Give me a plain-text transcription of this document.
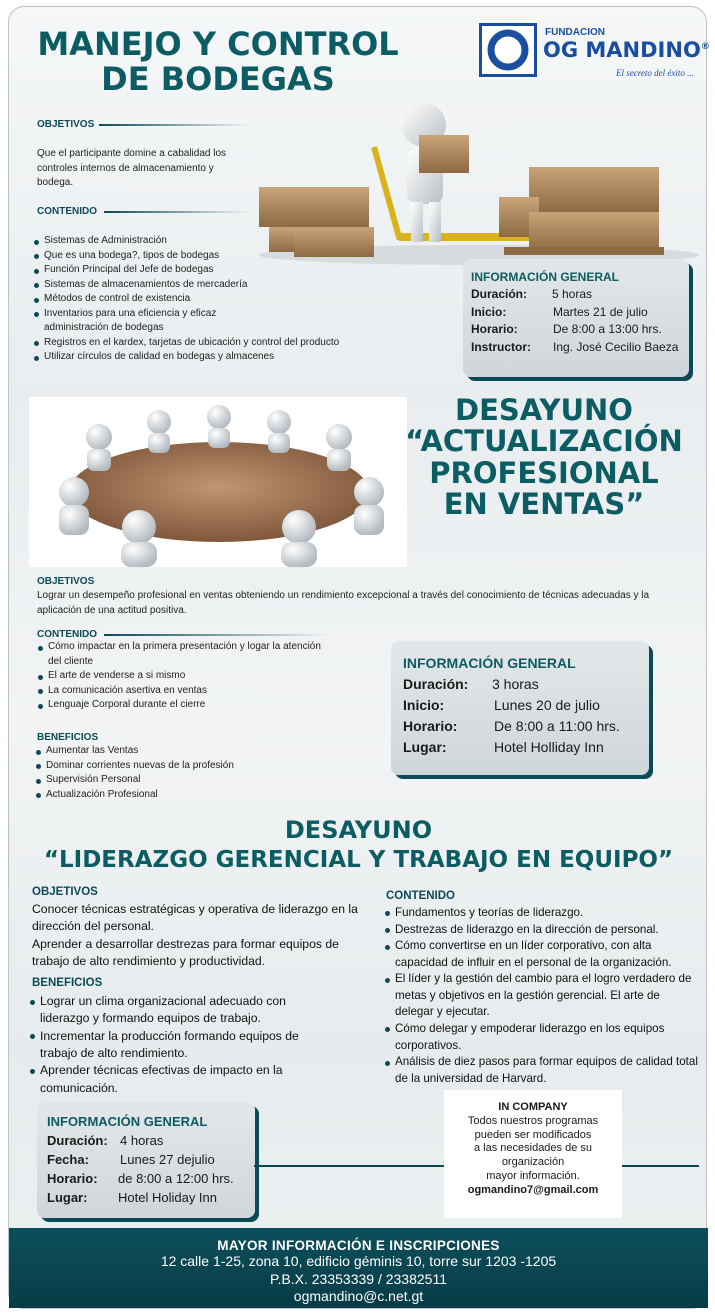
MANEJO Y CONTROL
DE BODEGAS
FUNDACION
OG MANDINO®
El secreto del éxito ...
OBJETIVOS
Que el participante domine a cabalidad los controles internos de almacenamiento y bodega.
CONTENIDO
Sistemas de Administración
Que es una bodega?, tipos de bodegas
Función Principal del Jefe de bodegas
Sistemas de almacenamientos de mercadería
Métodos de control de existencia
Inventarios para una eficiencia y eficaz administración de bodegas
Registros en el kardex, tarjetas de ubicación y control del producto
Utilizar círculos de calidad en bodegas y almacenes
INFORMACIÓN GENERAL
Duración:	5 horas
Inicio:	Martes 21 de julio
Horario:	De 8:00 a 13:00 hrs.
Instructor:	Ing. José Cecilio Baeza
DESAYUNO
“ACTUALIZACIÓN
PROFESIONAL
EN VENTAS”
OBJETIVOS
Lograr un desempeño profesional en ventas obteniendo un rendimiento excepcional a través del conocimiento de técnicas adecuadas y la aplicación de una actitud positiva.
CONTENIDO
Cómo impactar en la primera presentación y logar la atención del cliente
El arte de venderse a si mismo
La comunicación asertiva en ventas
Lenguaje Corporal durante el cierre
BENEFICIOS
Aumentar las Ventas
Dominar corrientes nuevas de la profesión
Supervisión Personal
Actualización Profesional
INFORMACIÓN GENERAL
Duración:	3 horas
Inicio:	Lunes 20 de julio
Horario:	De 8:00 a 11:00 hrs.
Lugar:	Hotel Holliday Inn
DESAYUNO
“LIDERAZGO GERENCIAL Y TRABAJO EN EQUIPO”
OBJETIVOS
Conocer técnicas estratégicas y operativa de liderazgo en la dirección del personal.
Aprender a desarrollar destrezas para formar equipos de trabajo de alto rendimiento y productividad.
BENEFICIOS
Lograr un clima organizacional adecuado con liderazgo y formando equipos de trabajo.
Incrementar la producción formando equipos de trabajo de alto rendimiento.
Aprender técnicas efectivas de impacto en la comunicación.
CONTENIDO
Fundamentos y teorías de liderazgo.
Destrezas de liderazgo en la dirección de personal.
Cómo convertirse en un líder corporativo, con alta capacidad de influir en el personal de la organización.
El líder y la gestión del cambio para el logro verdadero de metas y objetivos en la gestión gerencial. El arte de delegar y ejecutar.
Cómo delegar y empoderar liderazgo en los equipos corporativos.
Análisis de diez pasos para formar equipos de calidad total de la universidad de Harvard.
INFORMACIÓN GENERAL
Duración: 4 horas
Fecha:	Lunes 27 dejulio
Horario:	de 8:00 a 12:00 hrs.
Lugar:	Hotel Holiday Inn
IN COMPANY
Todos nuestros programas
pueden ser modificados
a las necesidades de su
organización
mayor información.
ogmandino7@gmail.com
MAYOR INFORMACIÓN E INSCRIPCIONES
12 calle 1-25, zona 10, edificio géminis 10, torre sur 1203 -1205
P.B.X. 23353339 / 23382511
ogmandino@c.net.gt
